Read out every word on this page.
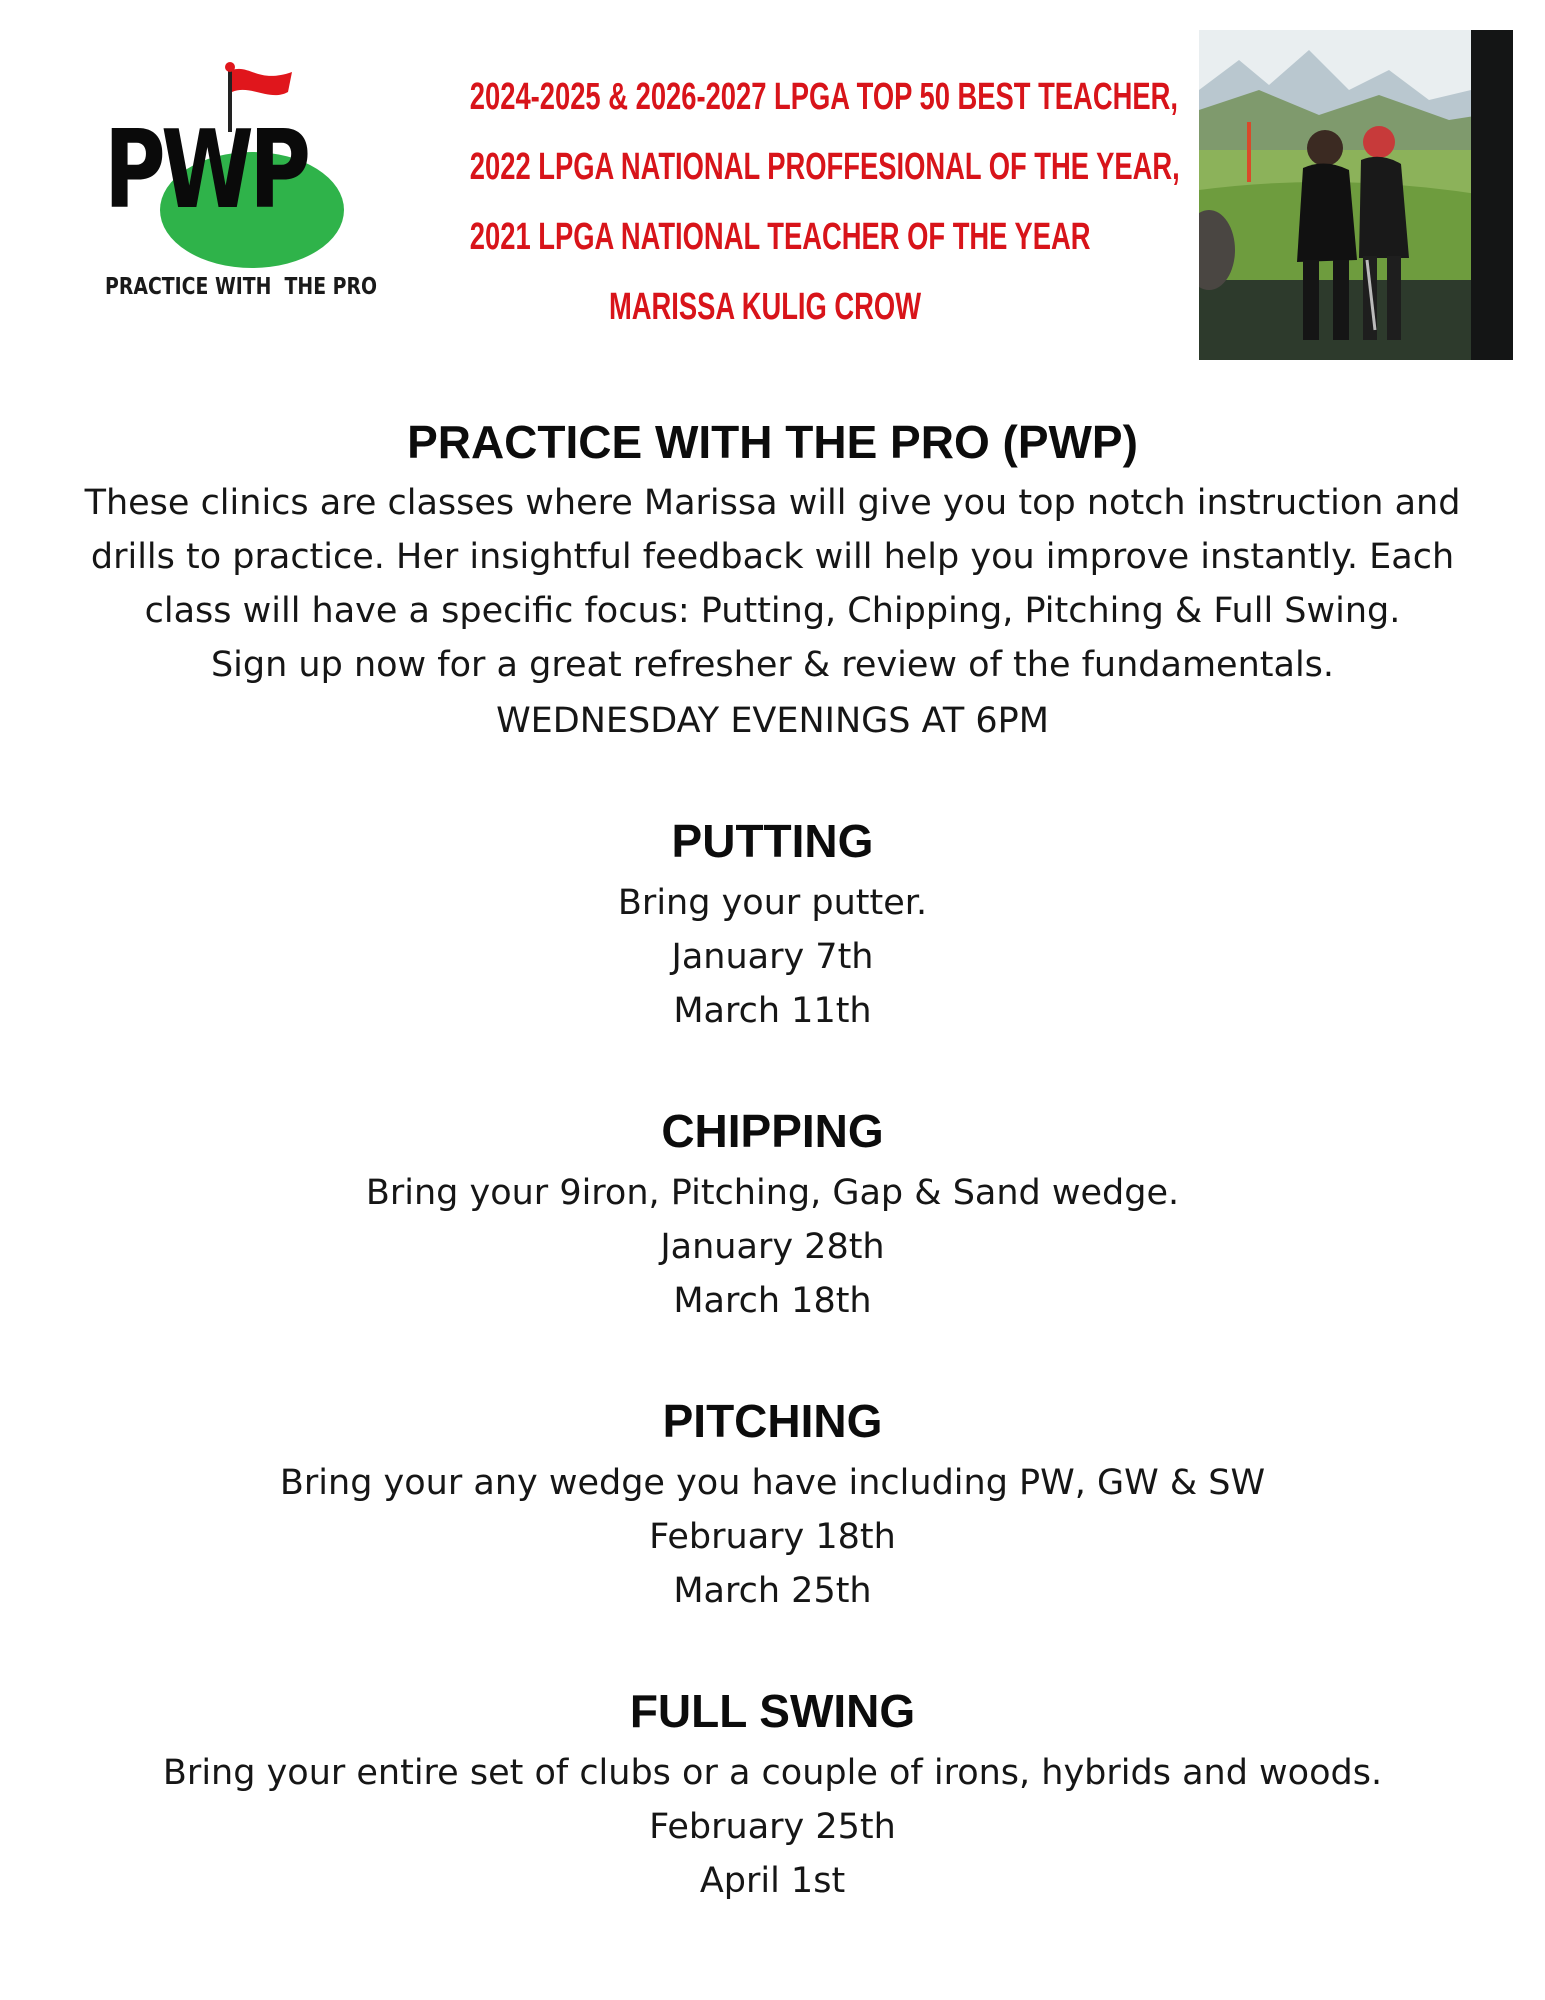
PWP
PRACTICE WITH  THE PRO
2024-2025 & 2026-2027 LPGA TOP 50 BEST TEACHER,
2022 LPGA NATIONAL PROFFESIONAL OF THE YEAR,
2021 LPGA NATIONAL TEACHER OF THE YEAR
MARISSA KULIG CROW
PRACTICE WITH THE PRO (PWP)

These clinics are classes where Marissa will give you top notch instruction and

drills to practice. Her insightful feedback will help you improve instantly. Each

class will have a specific focus: Putting, Chipping, Pitching & Full Swing.

Sign up now for a great refresher & review of the fundamentals.

WEDNESDAY EVENINGS AT 6PM

PUTTING

Bring your putter.

January 7th

March 11th

CHIPPING

Bring your 9iron, Pitching, Gap & Sand wedge.

January 28th

March 18th

PITCHING

Bring your any wedge you have including PW, GW & SW

February 18th

March 25th

FULL SWING

Bring your entire set of clubs or a couple of irons, hybrids and woods.

February 25th

April 1st
